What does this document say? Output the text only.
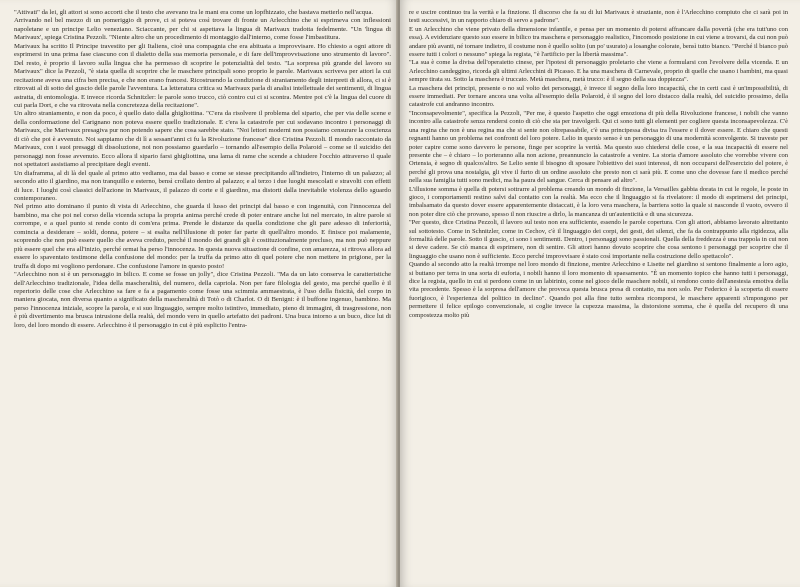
"Attivati" da lei, gli attori si sono accorti che il testo che avevano tra le mani era come un lopfhizzato, che bastava metterlo nell'acqua.

Arrivando nel bel mezzo di un pomeriggio di prove, ci si poteva così trovare di fronte un Arlecchino che si esprimeva con inflessioni napoletane e un principe Lelio veneziano. Sciaccante, per chi si aspettava la lingua di Marivaux tradotta fedelmente. "Un 'lingua di Marivaux', spiega Cristina Pezzoli. "Niente altro che un procedimento di montaggio dall'interno, come fosse l'imbastitura.

Marivaux ha scritto Il Principe travestito per gli Italiens, cioè una compagnia che era abituata a improvvisare. Ho chiesto a ogni attore di esprimersi in una prima fase ciascuno con il dialetto della sua memoria personale, e di fare dell'improvvisazione uno strumento di lavoro". Del resto, è proprio il lavoro sulla lingua che ha permesso di scoprire le potenzialità del testo. "La sorpresa più grande del lavoro su Marivaux" dice la Pezzoli, "è stata quella di scoprire che le maschere principali sono proprio le parole. Marivaux scriveva per attori la cui recitazione aveva una cifra ben precisa, e che non erano francesi. Ricostruendo la condizione di straniamento degli interpreti di allora, ci si è ritrovati al di sotto del guscio delle parole l'avventura. La letteratura critica su Marivaux parla di analisi intellettuale dei sentimenti, di lingua astratta, di entomologia. E invece ricorda Schnitzler: le parole sono trucco, ciò contro cui ci si scontra. Mentre poi c'è la lingua del cuore di cui parla Dort, e che va ritrovata nella concretezza della recitazione".

Un altro straniamento, e non da poco, è quello dato dalla ghigliottina. "C'era da risolvere il problema del sipario, che per via delle scene e della conformazione del Carignano non poteva essere quello tradizionale. E c'era la catastrofe per cui sodavano incontro i personaggi di Marivaux, che Marivaux presagiva pur non potendo sapere che cosa sarebbe stato. "Noi lettori moderni non possiamo censurare la coscienza di ciò che poi è avvenuto. Noi sappiamo che di lì a sessant'anni ci fu la Rivoluzione francese" dice Cristina Pezzoli. Il mondo raccontato da Marivaux, con i suoi presaggi di dissoluzione, noi non possiamo guardarlo – tornando all'esempio della Polaroid – come se il suicidio dei personaggi non fosse avvenuto. Ecco allora il sipario farsi ghigliottina, una lama di rame che scende a chiudere l'occhio attraverso il quale noi spettatori assistiamo al precipitare degli eventi.

Un diaframma, al di là del quale al primo atto vediamo, ma dal basso e come se stesse precipitando all'indietro, l'interno di un palazzo; al secondo atto il giardino, ma non tranquillo e esterno, bensì crollato dentro al palazzo; e al terzo i due luoghi mescolati e stravolti con effetti di luce. I luoghi così classici dell'azione in Marivaux, il palazzo di corte e il giardino, ma distorti dalla inevitabile violenza dello sguardo contemporaneo.

Nel primo atto dominano il punto di vista di Arlecchino, che guarda il lusso dei principi dal basso e con ingenuità, con l'innocenza del bambino, ma che poi nel corso della vicenda sciupa la propria anima perché crede di poter entrare anche lui nel mercato, in altre parole si corrompe, e a quel punto si rende conto di com'era prima. Prende le distanze da quella condizione che gli pare adesso di inferiorità, comincia a desiderare – soldi, donna, potere – si esalta nell'illusione di poter far parte di quell'altro mondo. E finisce poi malamente, scoprendo che non può essere quello che aveva creduto, perché il mondo dei grandi gli è costituzionalmente precluso, ma non può neppure più essere quel che era all'inizio, perché ormai ha perso l'innocenza. In questa nuova situazione di confine, con amarezza, si ritrova allora ad essere lo spaventato testimone della confusione del mondo: per la truffa da primo atto di quel potere che non mettere in prigione, per la truffa di dopo mi vogliono perdonare. Che confusione l'amore in questo posto!

"Arlecchino non si è un personaggio in bilico. E come se fosse un jolly", dice Cristina Pezzoli. "Ma da un lato conserva le caratteristiche dell'Arlecchino tradizionale, l'idea della mascheralità, del numero, della capriola. Non per fare filologia del gesto, ma perché quello è il repertorio delle cose che Arlecchino sa fare e fa a pagamento come fosse una scimmia ammaestrata, è l'uso della fisicità, del corpo in maniera giocata, non diversa quanto a significato della mascheralità di Totò o di Charlot. O di Benigni: è il buffone ingenuo, bambino. Ma perso l'innocenza iniziale, scopre la parola, e si suo linguaggio, sempre molto istintivo, immediato, pieno di immagini, di trasgressione, non è più divertimento ma brusca intrusione della realtà, del mondo vero in quello artefatto dei padroni. Una buca intorno a un buco, dice lui di loro, del loro mondo di essere. Arlecchino è il personaggio in cui è più esplicito l'entra-

re e uscire continuo tra la verità e la finzione. Il discorso che fa su di lui Marivaux è straziante, non è l'Arlecchino compiuto che ci sarà poi in testi successivi, in un rapporto chiaro di servo a padrone".

E un Arlecchino che viene privato della dimensione infantile, e pensa per un momento di potersi affrancare dalla povertà (che era tutt'uno con essa). A evidenziare questo suo essere in bilico tra maschera e personaggio realistico, l'incomodo posizione in cui viene a trovarsi, da cui non può andare più avanti, né tornare indietro, il costume non è quello solito (un po' usurato) a losanghe colorate, bensì tutto bianco. "Perché il bianco può essere tutti i colori o nessuno" spiega la regista, "è l'artificio per la libertà massima".

"La sua è come la divisa dell'operaietto cinese, per l'ipotesi di personaggio proletario che viene a formularsi con l'evolvere della vicenda. E un Arlecchino candeggino, ricorda gli ultimi Arlecchini di Picasso. E ha una maschera di Carnevale, proprio di quelle che usano i bambini, ma quasi sempre tirata su. Sotto la maschera è truccato. Metà maschera, metà trucco: è il segno della sua doppiezza".

La maschera dei principi, presente o no sul volto dei personaggi, è invece il segno della loro incapacità, che in certi casi è un'impossibilità, di essere immediati. Per tornare ancora una volta all'esempio della Polaroid, è il segno del loro distacco dalla realtà, del suicidio prossimo, della catastrofe cui andranno incontro.

"Inconsapevolmente", specifica la Pezzoli, "Per me, è questo l'aspetto che oggi emoziona di più della Rivoluzione francese, i nobili che vanno incontro alla catastrofe senza rendersi conto di ciò che sta per travolgerli. Qui ci sono tutti gli elementi per cogliere questa inconsapevolezza. C'è una regina che non è una regina ma che si sente non oltrepassabile, c'è una principessa divisa tra l'essere e il dover essere. E chiaro che questi regnanti hanno un problema nei confronti del loro potere. Lelio in questo senso è un personaggio di una modernità sconvolgente. Si traveste per poter capire come sono davvero le persone, finge per scoprire la verità. Ma questo suo chiedersi delle cose, e la sua incapacità di essere nel presente che – è chiaro – lo porteranno alla non azione, preannuncio la catastrofe a venire. La storia d'amore assoluto che vorrebbe vivere con Ortensia, è segno di qualcos'altro. Se Lelio sente il bisogno di sposare l'obiettivo dei suoi interessi, di non occuparsi dell'esercizio del potere, è perché gli prova una nostalgia, gli vive il furto di un ordine assoluto che presto non ci sarà più. E come uno che dovesse fare il medico perché nella sua famiglia tutti sono medici, ma ha paura del sangue. Cerca di pensare ad altro".

L'illusione somma è quella di potersi sottrarre al problema creando un mondo di finzione, la Versailles gabbia dorata in cui le regole, le poste in gioco, i comportamenti restino salvi dal contatto con la realtà. Ma ecco che il linguaggio si fa rivelatore: il modo di esprimersi dei principi, imbalsamato da questo dover essere apparentemente distaccati, è la loro vera maschera, la barriera sotto la quale si nasconde il vuoto, ovvero il non poter dire ciò che provano, spesso il non riuscire a dirlo, la mancanza di un'autenticità e di una sicurezza.

"Per questo, dice Cristina Pezzoli, il lavoro sul testo non era sufficiente, essendo le parole copertura. Con gli attori, abbiamo lavorato altrettanto sul sottotesto. Come in Schnitzler, come in Cechov, c'è il linguaggio dei corpi, dei gesti, dei silenzi, che fa da contrappunto alla rigidezza, alla formalità delle parole. Sotto il guscio, ci sono i sentimenti. Dentro, i personaggi sono passionali. Quella della freddezza è una trappola in cui non si deve cadere. Se ciò manca di esprimere, non di sentire. Gli attori hanno dovuto scoprire che cosa sentono i personaggi per scoprire che il linguaggio che usano non è sufficiente. Ecco perché improvvisare è stato così importante nella costruzione dello spettacolo".

Quando al secondo atto la realtà irrompe nel loro mondo di finzione, mentre Arlecchino e Lisette nel giardino si sentono finalmente a loro agio, si buttano per terra in una sorta di euforia, i nobili hanno il loro momento di spaesamento. "È un momento topico che hanno tutti i personaggi, dice la regista, quello in cui si perdono come in un labirinto, come nel gioco delle maschere nobili, si rendono conto dell'anestesia emotiva della vita precedente. Spesso è la sorpresa dell'amore che provoca questa brusca presa di contatto, ma non solo. Per Federico è la scoperta di essere fuorigioco, è l'esperienza del politico in declino". Quando poi alla fine tutto sembra ricomporsi, le maschere apparenti s'impongono per permettere il felice epilogo convenzionale, si coglie invece la cupezza massima, la distorsione somma, che è quella del recupero di una compostezza molto più
